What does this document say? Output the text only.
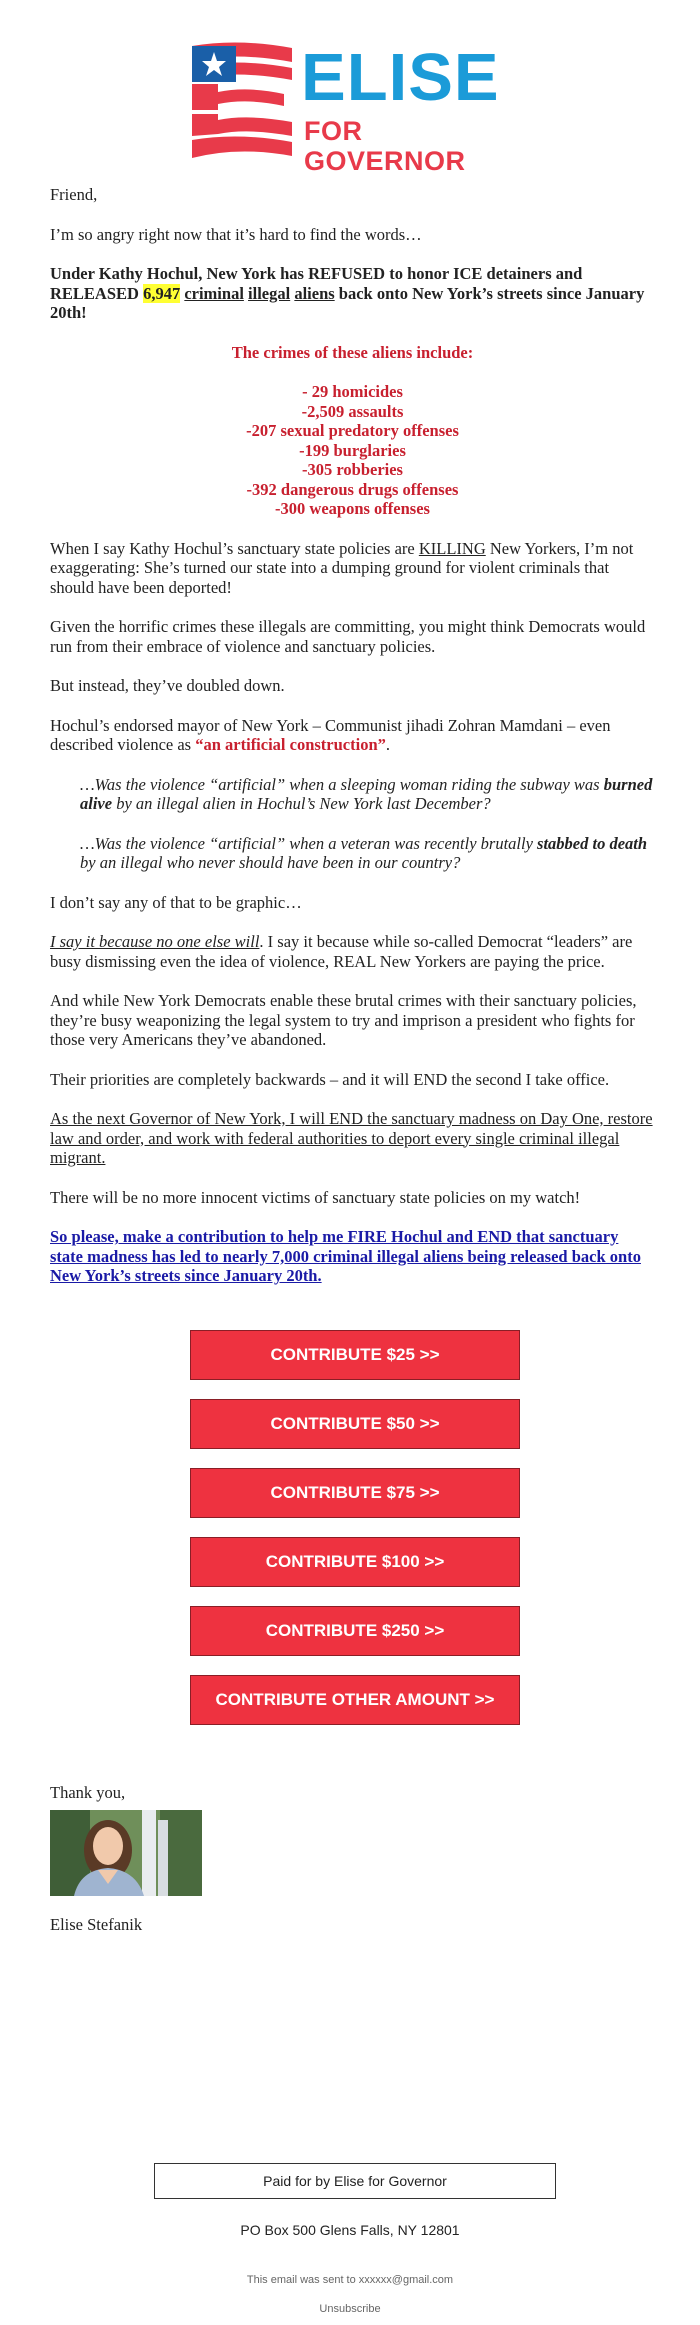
ELISE
FOR GOVERNOR

Friend,

I’m so angry right now that it’s hard to find the words…

Under Kathy Hochul, New York has REFUSED to honor ICE detainers and RELEASED 6,947 criminal illegal aliens back onto New York’s streets since January 20th!

The crimes of these aliens include:

- 29 homicides
-2,509 assaults
-207 sexual predatory offenses
-199 burglaries
-305 robberies
-392 dangerous drugs offenses
-300 weapons offenses

When I say Kathy Hochul’s sanctuary state policies are KILLING New Yorkers, I’m not exaggerating: She’s turned our state into a dumping ground for violent criminals that should have been deported!

Given the horrific crimes these illegals are committing, you might think Democrats would run from their embrace of violence and sanctuary policies.

But instead, they’ve doubled down.

Hochul’s endorsed mayor of New York – Communist jihadi Zohran Mamdani – even described violence as “an artificial construction”.

…Was the violence “artificial” when a sleeping woman riding the subway was burned alive by an illegal alien in Hochul’s New York last December?

…Was the violence “artificial” when a veteran was recently brutally stabbed to death by an illegal who never should have been in our country?

I don’t say any of that to be graphic…

I say it because no one else will. I say it because while so-called Democrat “leaders” are busy dismissing even the idea of violence, REAL New Yorkers are paying the price.

And while New York Democrats enable these brutal crimes with their sanctuary policies, they’re busy weaponizing the legal system to try and imprison a president who fights for those very Americans they’ve abandoned.

Their priorities are completely backwards – and it will END the second I take office.

As the next Governor of New York, I will END the sanctuary madness on Day One, restore law and order, and work with federal authorities to deport every single criminal illegal migrant.

There will be no more innocent victims of sanctuary state policies on my watch!

So please, make a contribution to help me FIRE Hochul and END that sanctuary state madness has led to nearly 7,000 criminal illegal aliens being released back onto New York’s streets since January 20th.
CONTRIBUTE $25 >>
CONTRIBUTE $50 >>
CONTRIBUTE $75 >>
CONTRIBUTE $100 >>
CONTRIBUTE $250 >>
CONTRIBUTE OTHER AMOUNT >>
Thank you,
Elise Stefanik
Paid for by Elise for Governor
PO Box 500 Glens Falls, NY 12801
This email was sent to xxxxxx@gmail.com
Unsubscribe
